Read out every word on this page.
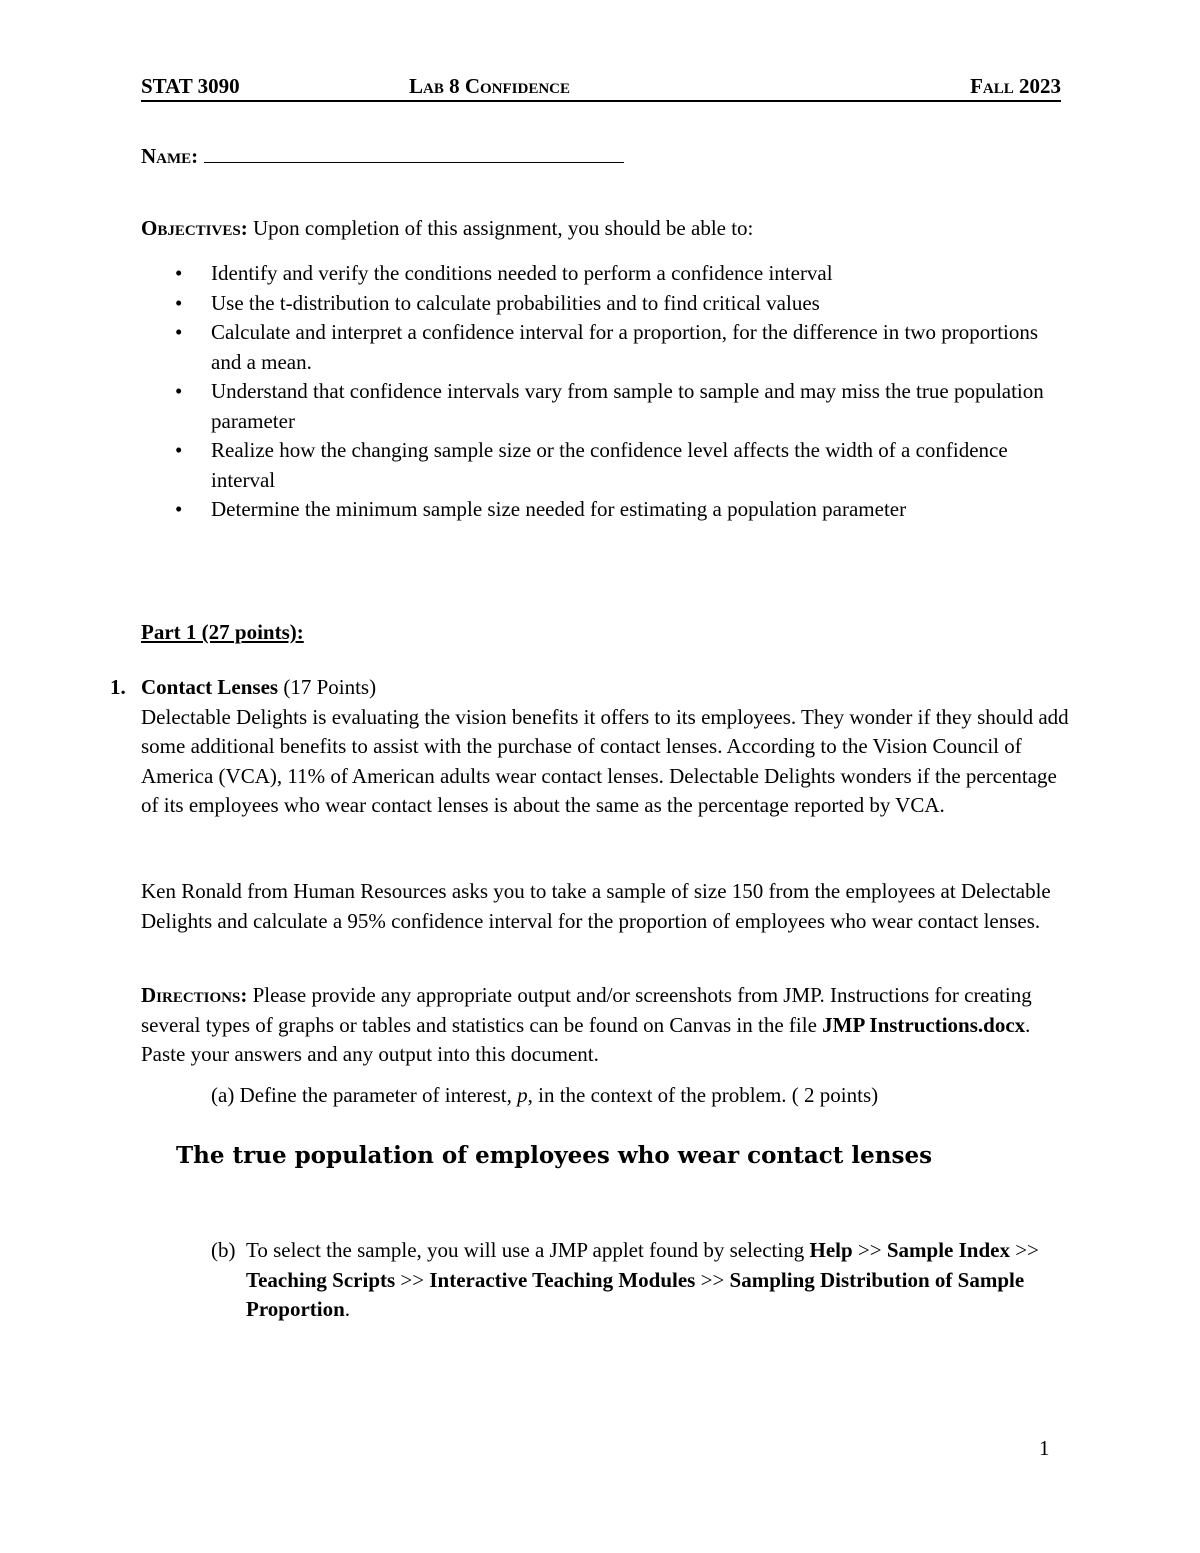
STAT 3090	Lab 8 Confidence	Fall 2023
Name:
Objectives: Upon completion of this assignment, you should be able to:
• Identify and verify the conditions needed to perform a confidence interval
• Use the t-distribution to calculate probabilities and to find critical values
• Calculate and interpret a confidence interval for a proportion, for the difference in two proportions and a mean.
• Understand that confidence intervals vary from sample to sample and may miss the true population parameter
• Realize how the changing sample size or the confidence level affects the width of a confidence interval
• Determine the minimum sample size needed for estimating a population parameter
Part 1 (27 points):
1. Contact Lenses (17 Points)
Delectable Delights is evaluating the vision benefits it offers to its employees. They wonder if they should add some additional benefits to assist with the purchase of contact lenses. According to the Vision Council of America (VCA), 11% of American adults wear contact lenses. Delectable Delights wonders if the percentage of its employees who wear contact lenses is about the same as the percentage reported by VCA.
Ken Ronald from Human Resources asks you to take a sample of size 150 from the employees at Delectable Delights and calculate a 95% confidence interval for the proportion of employees who wear contact lenses.
Directions: Please provide any appropriate output and/or screenshots from JMP. Instructions for creating several types of graphs or tables and statistics can be found on Canvas in the file JMP Instructions.docx. Paste your answers and any output into this document.
(a) Define the parameter of interest, p, in the context of the problem. ( 2 points)
The true population of employees who wear contact lenses
(b) To select the sample, you will use a JMP applet found by selecting Help >> Sample Index >> Teaching Scripts >> Interactive Teaching Modules >> Sampling Distribution of Sample Proportion.
1
